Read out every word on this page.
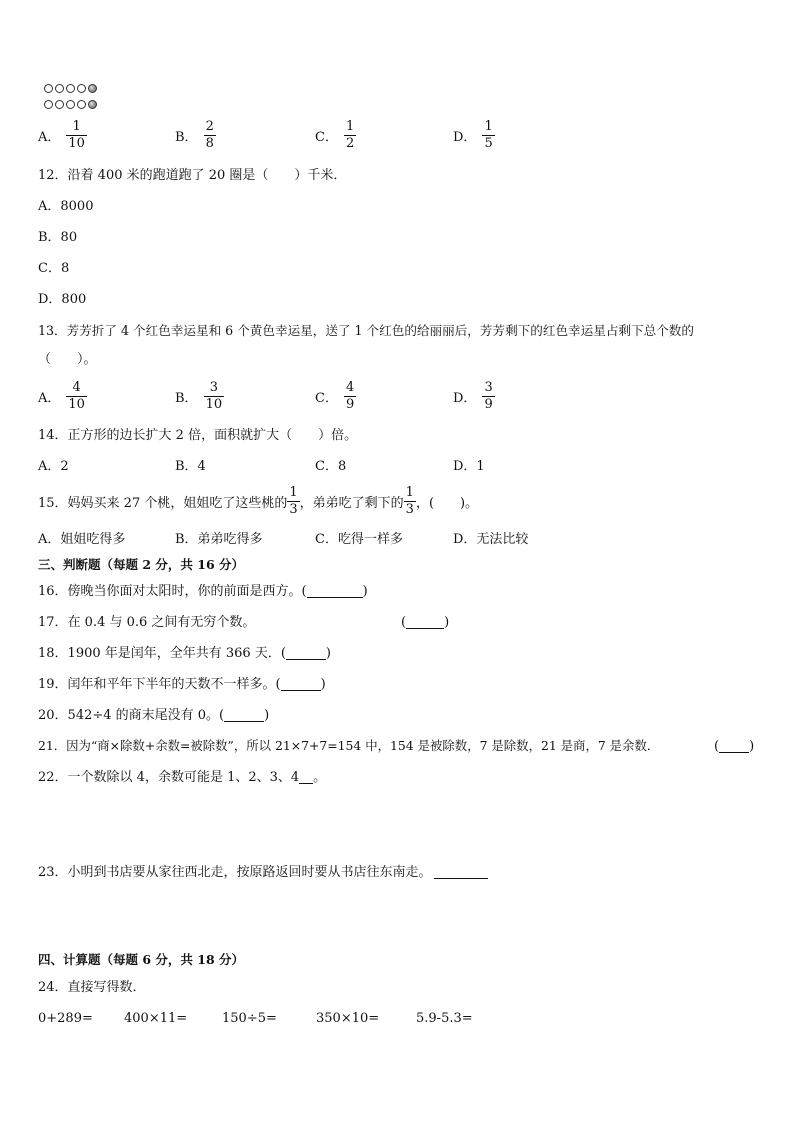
A． $\frac{1}{10}$	B． $\frac{2}{8}$	C． $\frac{1}{2}$	D． $\frac{1}{5}$
12．沿着 400 米的跑道跑了 20 圈是（　　）千米．
A．8000
B．80
C．8
D．800
13．芳芳折了 4 个红色幸运星和 6 个黄色幸运星，送了 1 个红色的给丽丽后，芳芳剩下的红色幸运星占剩下总个数的
（　　）。
A． $\frac{4}{10}$	B． $\frac{3}{10}$	C． $\frac{4}{9}$	D． $\frac{3}{9}$
14．正方形的边长扩大 2 倍，面积就扩大（　　）倍。
A．2	B．4	C．8	D．1
15．妈妈买来 27 个桃，姐姐吃了这些桃的 $\frac{1}{3}$ ，弟弟吃了剩下的 $\frac{1}{3}$ ，(　　)。
A．姐姐吃得多	B．弟弟吃得多	C．吃得一样多	D．无法比较
三、判断题（每题 2 分，共 16 分）
16．傍晚当你面对太阳时，你的前面是西方。(	)
17．在 0.4 与 0.6 之间有无穷个数。	(	)
18．1900 年是闰年，全年共有 366 天．(	)
19．闰年和平年下半年的天数不一样多。(	)
20．542÷4 的商末尾没有 0。(	)
21．因为“商×除数+余数=被除数”，所以 21×7+7=154 中，154 是被除数，7 是除数，21 是商，7 是余数．	( )
22．一个数除以 4，余数可能是 1、2、3、4 。
23．小明到书店要从家往西北走，按原路返回时要从书店往东南走。
四、计算题（每题 6 分，共 18 分）
24．直接写得数．
0+289= 400×11=	150÷5=	350×10=	5.9-5.3=
